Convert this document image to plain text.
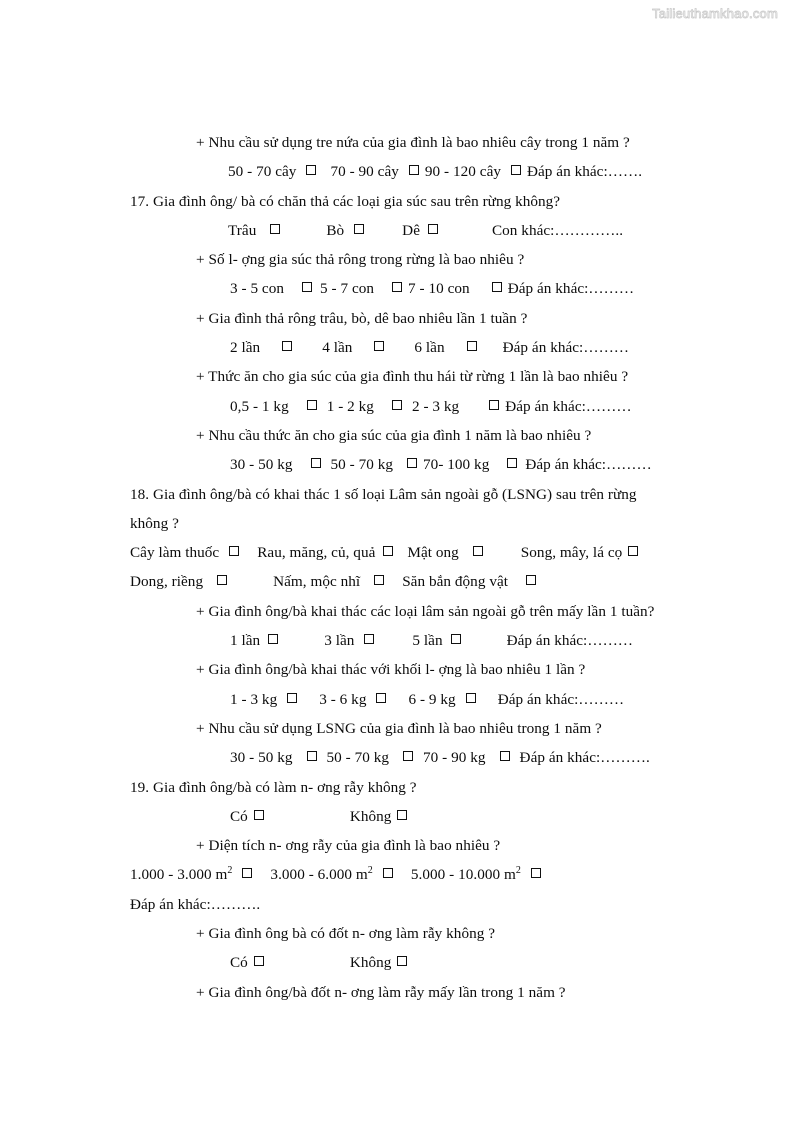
Tailieuthamkhao.com
+ Nhu cầu sử dụng tre nứa của gia đình là bao nhiêu cây trong 1 năm ?
50 - 70 cây 70 - 90 cây 90 - 120 cây Đáp án khác:…….
17. Gia đình ông/ bà có chăn thả các loại gia súc sau trên rừng không?
Trâu	Bò	Dê	Con khác:…………..
+ Số l- ợng gia súc thả rông trong rừng là bao nhiêu ?
3 - 5 con 5 - 7 con 7 - 10 con	Đáp án khác:………
+ Gia đình thả rông trâu, bò, dê bao nhiêu lần 1 tuần ?
2 lần	4 lần	6 lần	Đáp án khác:………
+ Thức ăn cho gia súc của gia đình thu hái từ rừng 1 lần là bao nhiêu ?
0,5 - 1 kg	1 - 2 kg	2 - 3 kg	Đáp án khác:………
+ Nhu cầu thức ăn cho gia súc của gia đình 1 năm là bao nhiêu ?
30 - 50 kg	50 - 70 kg 70- 100 kg Đáp án khác:………
18. Gia đình ông/bà có khai thác 1 số loại Lâm sản ngoài gỗ (LSNG) sau trên rừng
không ?
Cây làm thuốc	Rau, măng, củ, quả Mật ong	Song, mây, lá cọ
Dong, riềng	Nấm, mộc nhĩ	Săn bắn động vật
+ Gia đình ông/bà khai thác các loại lâm sản ngoài gỗ trên mấy lần 1 tuần?
1 lần	3 lần	5 lần	Đáp án khác:………
+ Gia đình ông/bà khai thác với khối l- ợng là bao nhiêu 1 lần ?
1 - 3 kg	3 - 6 kg	6 - 9 kg	Đáp án khác:………
+ Nhu cầu sử dụng LSNG của gia đình là bao nhiêu trong 1 năm ?
30 - 50 kg 50 - 70 kg 70 - 90 kg Đáp án khác:……….
19. Gia đình ông/bà có làm n- ơng rẫy không ?
Có	Không
+ Diện tích n- ơng rẫy của gia đình là bao nhiêu ?
1.000 - 3.000 $m^2$	3.000 - 6.000 $m^2$	5.000 - 10.000 $m^2$
Đáp án khác:……….
+ Gia đình ông bà có đốt n- ơng làm rẫy không ?
Có	Không
+ Gia đình ông/bà đốt n- ơng làm rẫy mấy lần trong 1 năm ?
